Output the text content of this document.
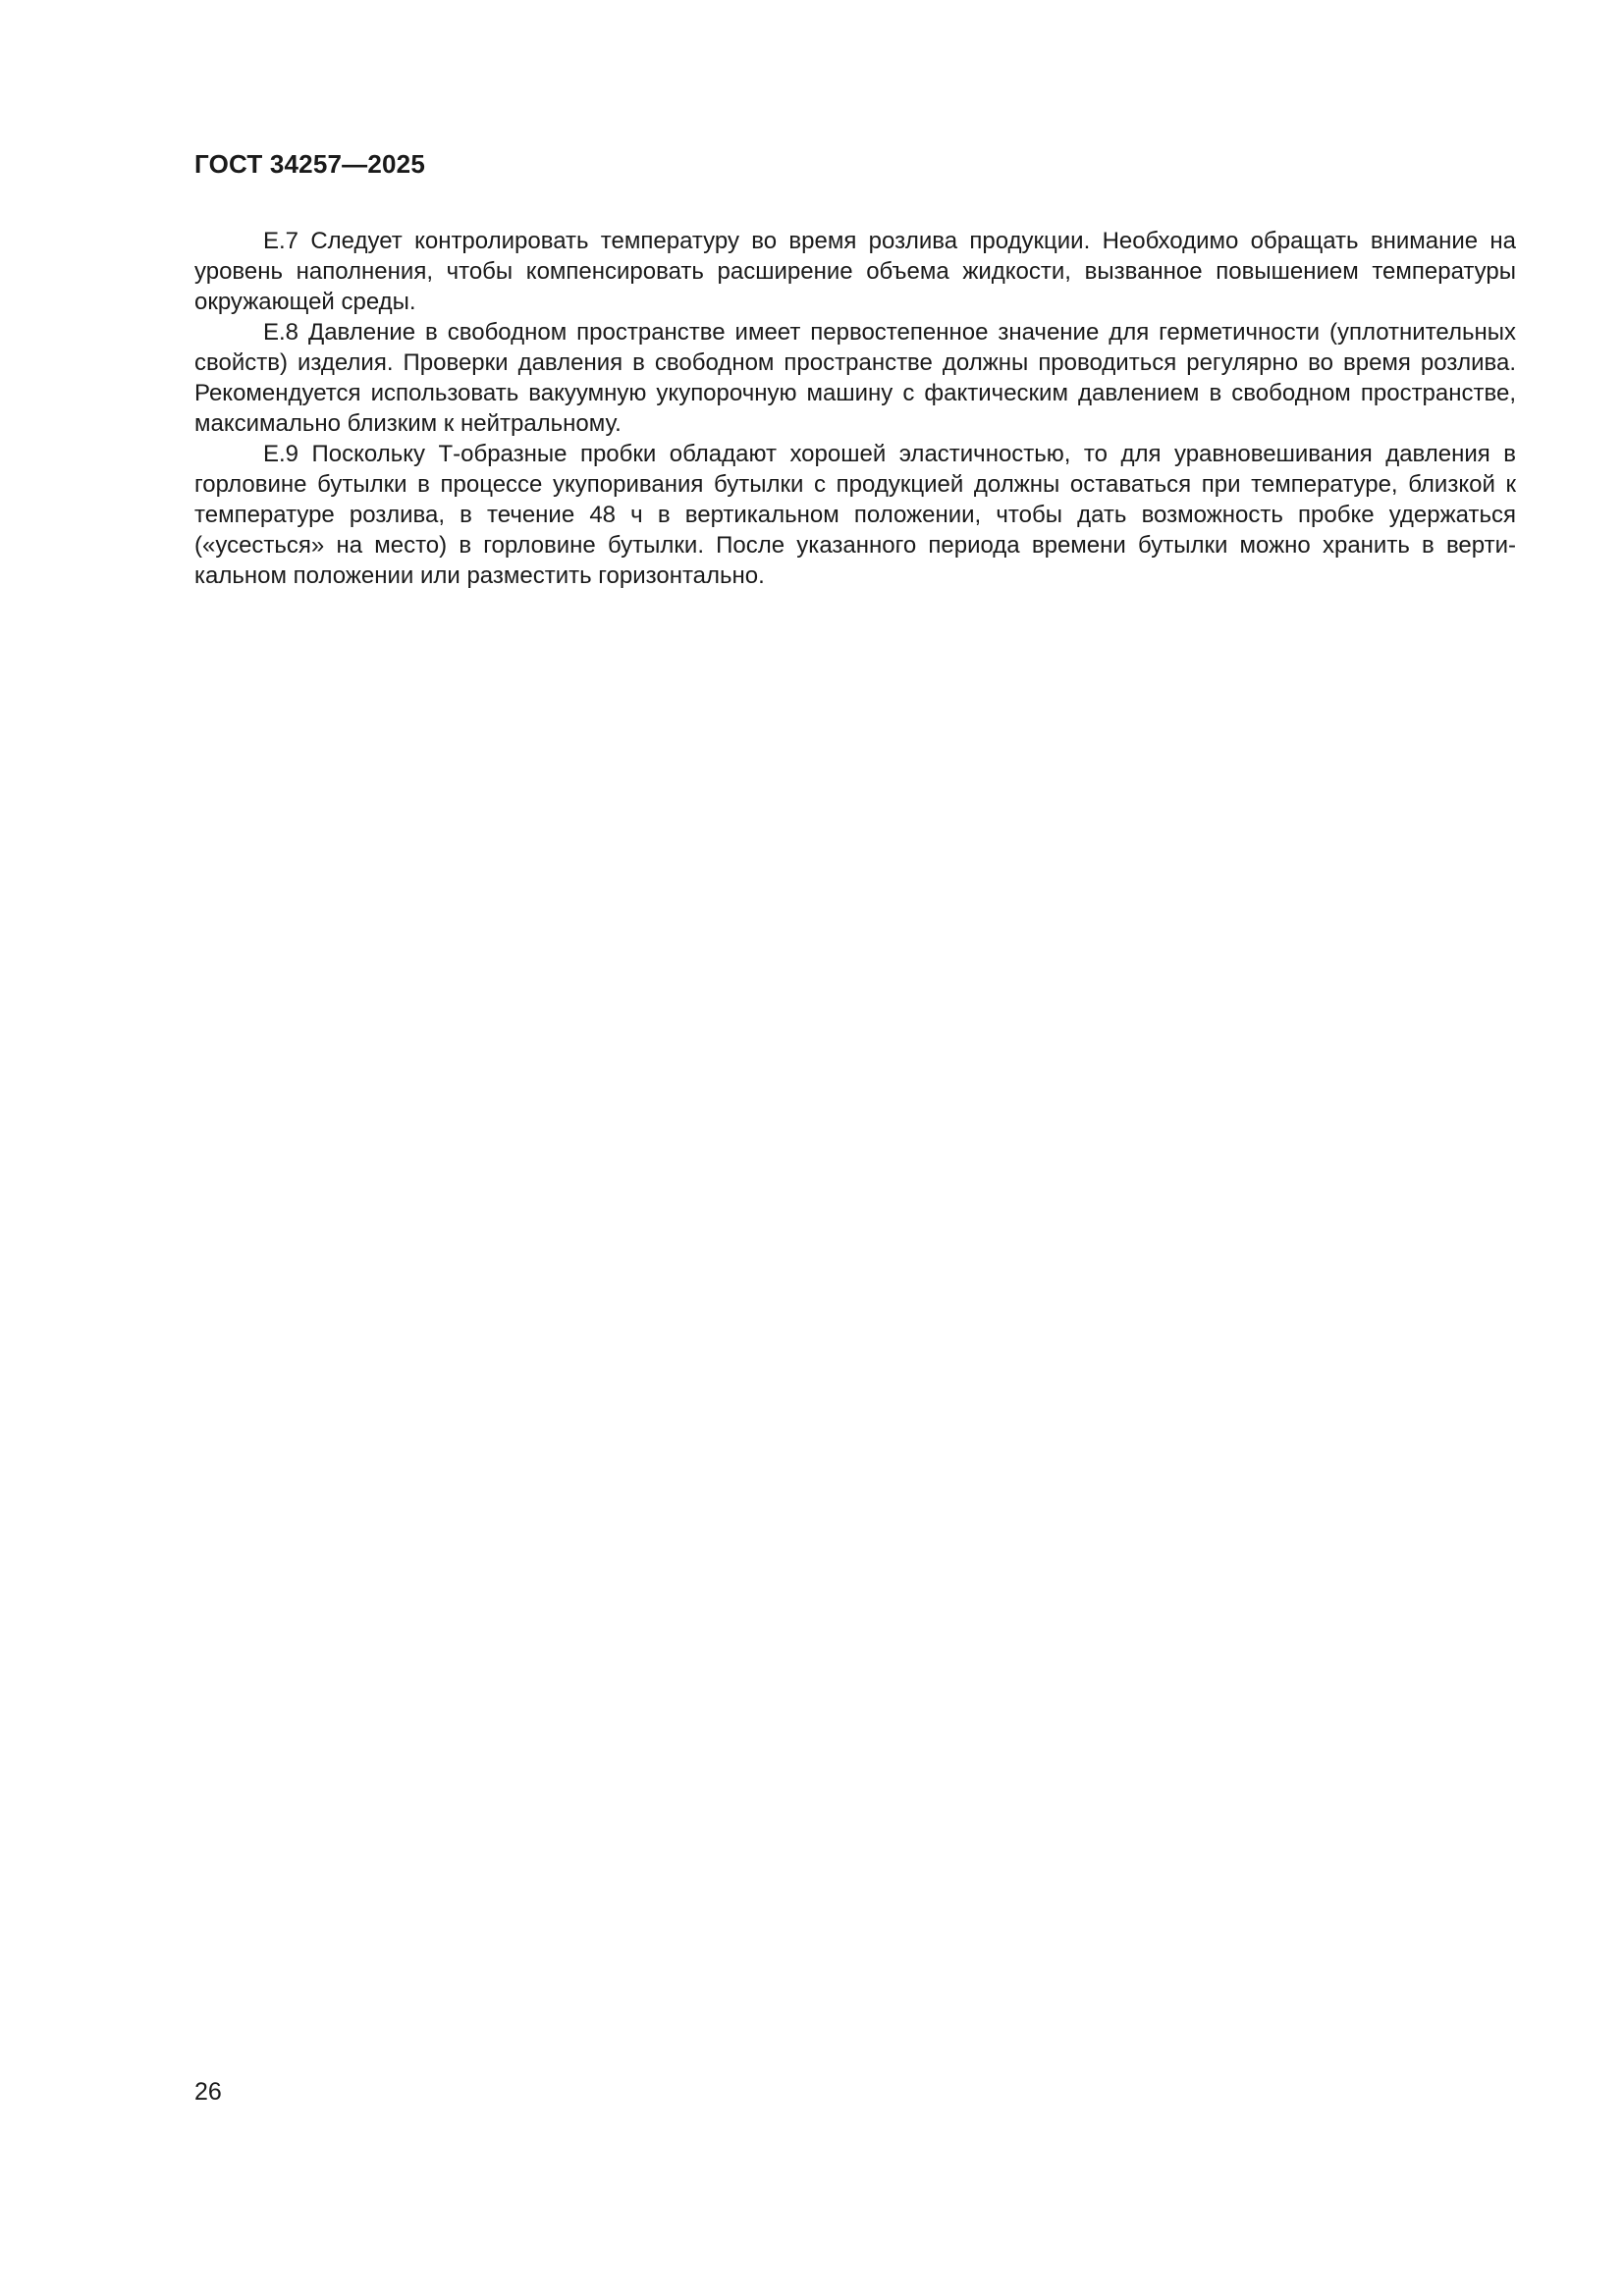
ГОСТ 34257—2025

Е.7 Следует контролировать температуру во время розлива продукции. Необходимо обращать внимание на уровень наполнения, чтобы компенсировать расширение объема жидкости, вызванное повышением температуры окружающей среды.

Е.8 Давление в свободном пространстве имеет первостепенное значение для герметичности (уплотнительных свойств) изделия. Проверки давления в свободном пространстве должны проводиться регулярно во время розлива. Рекомендуется использовать вакуумную укупорочную машину с фактическим давлением в свободном пространстве, максимально близким к нейтральному.

Е.9 Поскольку Т-образные пробки обладают хорошей эластичностью, то для уравновешивания давления в горловине бутылки в процессе укупоривания бутылки с продукцией должны оставаться при температуре, близкой к температуре розлива, в течение 48 ч в вертикальном положении, чтобы дать возможность пробке удержаться («усесться» на место) в горловине бутылки. После указанного периода времени бутылки можно хранить в вертикальном положении или разместить горизонтально.

26
